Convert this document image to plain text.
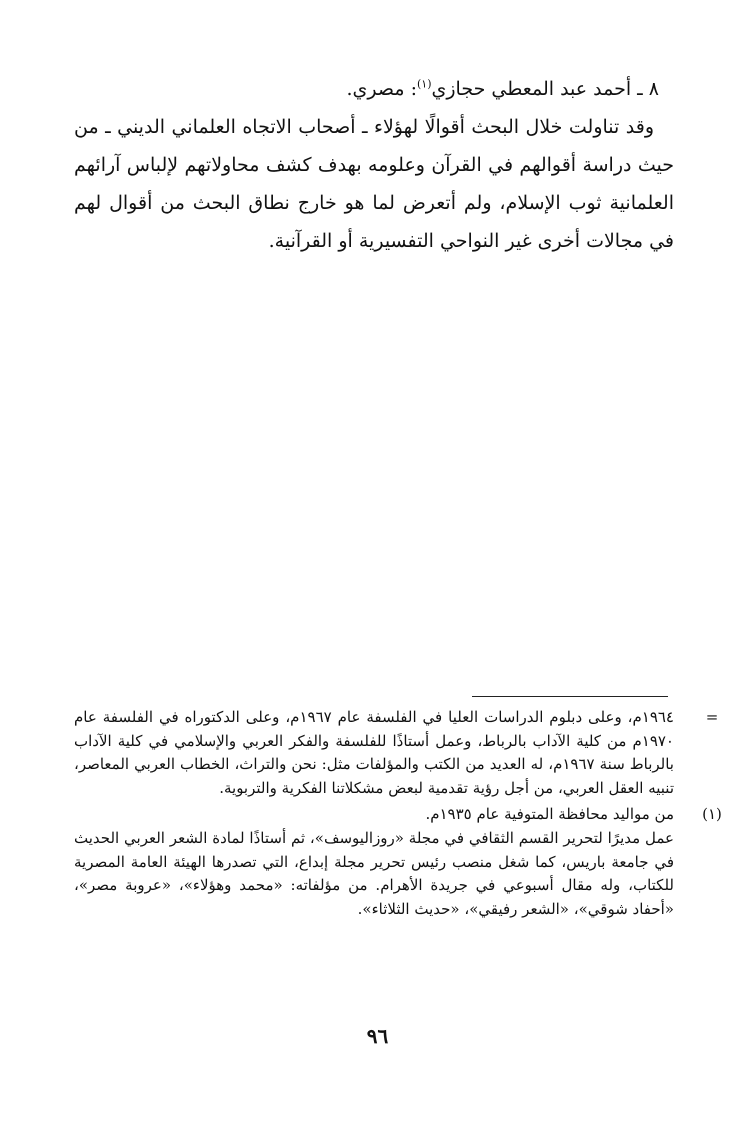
٨ ـ أحمد عبد المعطي حجازي$^{(١)}$: مصري.

وقد تناولت خلال البحث أقوالًا لهؤلاء ـ أصحاب الاتجاه العلماني الديني ـ من حيث دراسة أقوالهم في القرآن وعلومه بهدف كشف محاولاتهم لإلباس آرائهم العلمانية ثوب الإسلام، ولم أتعرض لما هو خارج نطاق البحث من أقوال لهم في مجالات أخرى غير النواحي التفسيرية أو القرآنية.

=

١٩٦٤م، وعلى دبلوم الدراسات العليا في الفلسفة عام ١٩٦٧م، وعلى الدكتوراه في الفلسفة عام ١٩٧٠م من كلية الآداب بالرباط، وعمل أستاذًا للفلسفة والفكر العربي والإسلامي في كلية الآداب بالرباط سنة ١٩٦٧م، له العديد من الكتب والمؤلفات مثل: نحن والتراث، الخطاب العربي المعاصر، تنبيه العقل العربي، من أجل رؤية تقدمية لبعض مشكلاتنا الفكرية والتربوية.

(١)

من مواليد محافظة المتوفية عام ١٩٣٥م.

عمل مديرًا لتحرير القسم الثقافي في مجلة «روزاليوسف»، ثم أستاذًا لمادة الشعر العربي الحديث في جامعة باريس، كما شغل منصب رئيس تحرير مجلة إبداع، التي تصدرها الهيئة العامة المصرية للكتاب، وله مقال أسبوعي في جريدة الأهرام. من مؤلفاته: «محمد وهؤلاء»، «عروبة مصر»، «أحفاد شوقي»، «الشعر رفيقي»، «حديث الثلاثاء».

٩٦
